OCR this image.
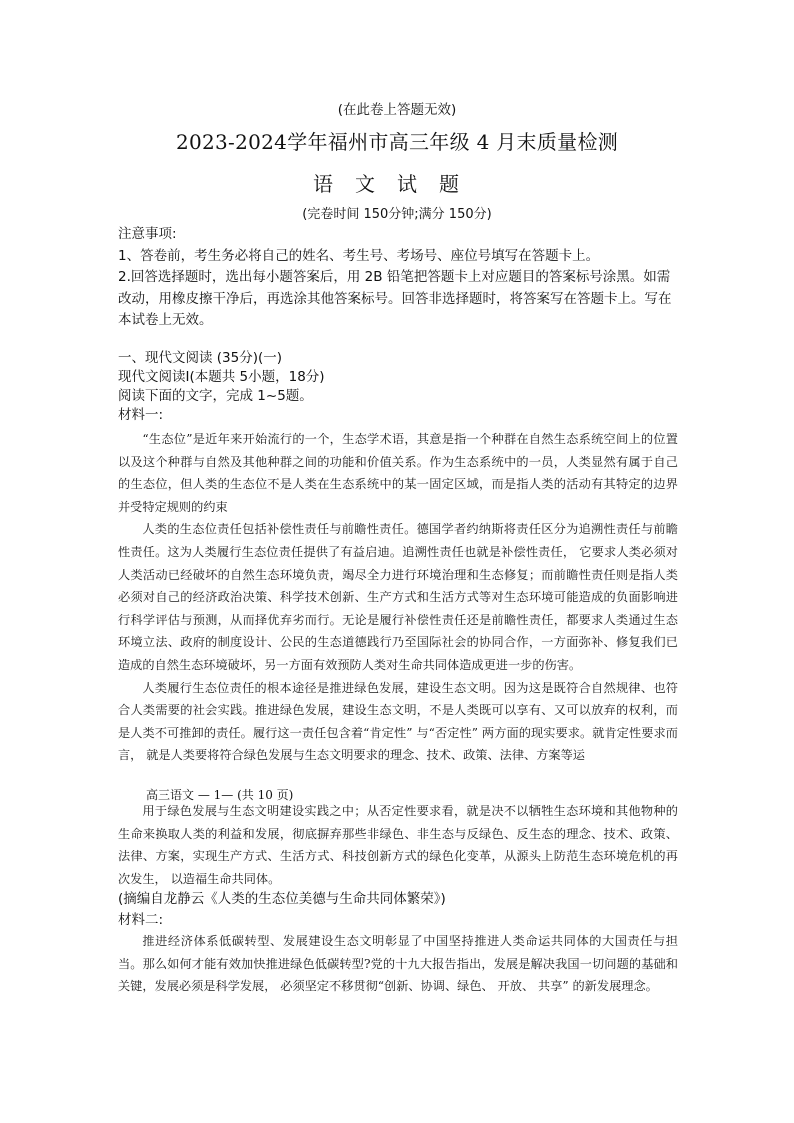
(在此卷上答题无效)
2023-2024学年福州市高三年级 4 月末质量检测
语文试题
(完卷时间 150分钟;满分 150分)

注意事项:

1、答卷前，考生务必将自己的姓名、考生号、考场号、座位号填写在答题卡上。

2.回答选择题时，选出每小题答案后，用 2B 铅笔把答题卡上对应题目的答案标号涂黑。如需改动，用橡皮擦干净后，再选涂其他答案标号。回答非选择题时，将答案写在答题卡上。写在本试卷上无效。

一、现代文阅读 (35分)(一)

现代文阅读Ⅰ(本题共 5小题，18分)

阅读下面的文字，完成 1~5题。

材料一:

“生态位”是近年来开始流行的一个，生态学术语，其意是指一个种群在自然生态系统空间上的位置以及这个种群与自然及其他种群之间的功能和价值关系。作为生态系统中的一员，人类显然有属于自己的生态位，但人类的生态位不是人类在生态系统中的某一固定区域，而是指人类的活动有其特定的边界并受特定规则的约束

人类的生态位责任包括补偿性责任与前瞻性责任。德国学者约纳斯将责任区分为追溯性责任与前瞻性责任。这为人类履行生态位责任提供了有益启迪。追溯性责任也就是补偿性责任， 它要求人类必须对人类活动已经破坏的自然生态环境负责，竭尽全力进行环境治理和生态修复；而前瞻性责任则是指人类必须对自己的经济政治决策、科学技术创新、生产方式和生活方式等对生态环境可能造成的负面影响进行科学评估与预测，从而择优弃劣而行。无论是履行补偿性责任还是前瞻性责任，都要求人类通过生态环境立法、政府的制度设计、公民的生态道德践行乃至国际社会的协同合作，一方面弥补、修复我们已造成的自然生态环境破坏，另一方面有效预防人类对生命共同体造成更进一步的伤害。

人类履行生态位责任的根本途径是推进绿色发展，建设生态文明。因为这是既符合自然规律、也符合人类需要的社会实践。推进绿色发展，建设生态文明，不是人类既可以享有、又可以放弃的权利，而是人类不可推卸的责任。履行这一责任包含着“肯定性” 与“否定性” 两方面的现实要求。就肯定性要求而言， 就是人类要将符合绿色发展与生态文明要求的理念、技术、政策、法律、方案等运

高三语文 — 1— (共 10 页)

用于绿色发展与生态文明建设实践之中；从否定性要求看，就是决不以牺牲生态环境和其他物种的生命来换取人类的利益和发展，彻底摒弃那些非绿色、非生态与反绿色、反生态的理念、技术、政策、法律、方案，实现生产方式、生活方式、科技创新方式的绿色化变革，从源头上防范生态环境危机的再次发生， 以造福生命共同体。

(摘编自龙静云《人类的生态位美德与生命共同体繁荣》)
材料二:

推进经济体系低碳转型、发展建设生态文明彰显了中国坚持推进人类命运共同体的大国责任与担当。那么如何才能有效加快推进绿色低碳转型?党的十九大报告指出，发展是解决我国一切问题的基础和关键，发展必须是科学发展， 必须坚定不移贯彻“创新、协调、绿色、 开放、 共享” 的新发展理念。
